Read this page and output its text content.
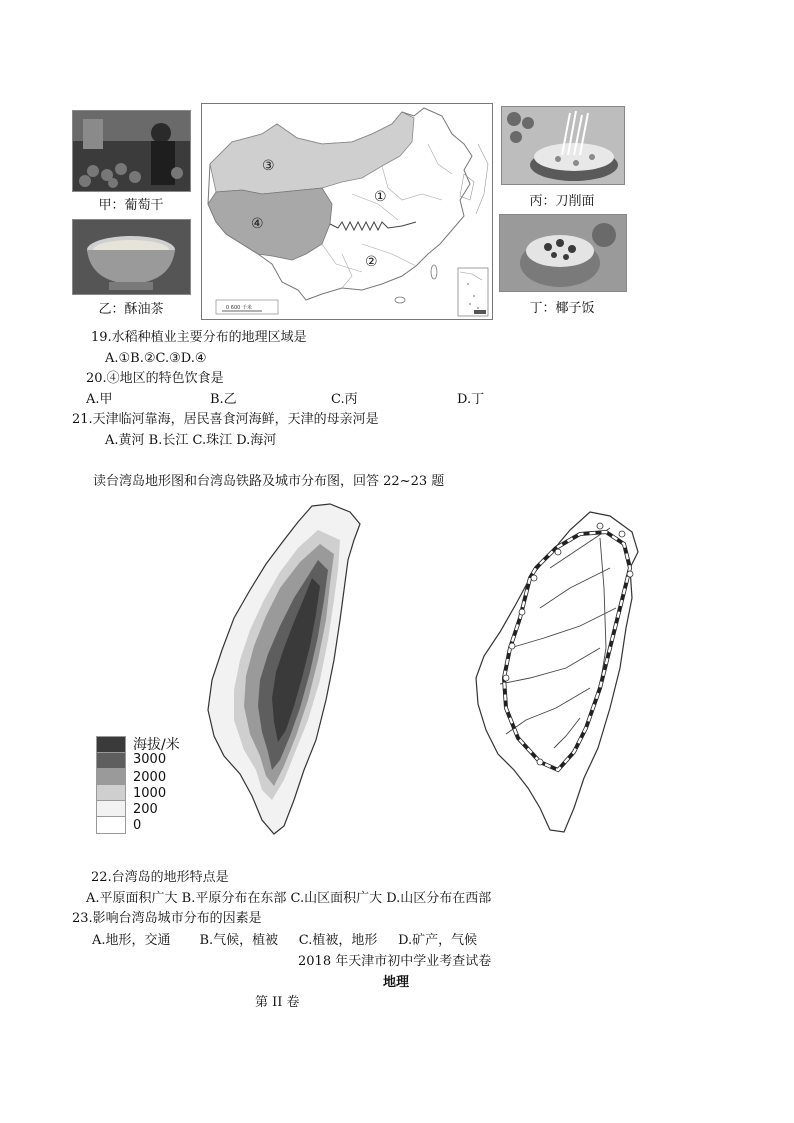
甲：葡萄干
乙：酥油茶
①
②
③
④
0 600 千米
丙：刀削面
丁：椰子饭
19.水稻种植业主要分布的地理区域是
A.①B.②C.③D.④
20.④地区的特色饮食是
A.甲	B.乙	C.丙	D.丁
21.天津临河靠海，居民喜食河海鲜，天津的母亲河是
A.黄河 B.长江 C.珠江 D.海河
读台湾岛地形图和台湾岛铁路及城市分布图，回答 22~23 题
海拔/米
3000
2000
1000
200
0
22.台湾岛的地形特点是
A.平原面积广大 B.平原分布在东部 C.山区面积广大 D.山区分布在西部
23.影响台湾岛城市分布的因素是
A.地形，交通       B.气候，植被     C.植被，地形     D.矿产，气候
2018 年天津市初中学业考查试卷
地理
第 II 卷
